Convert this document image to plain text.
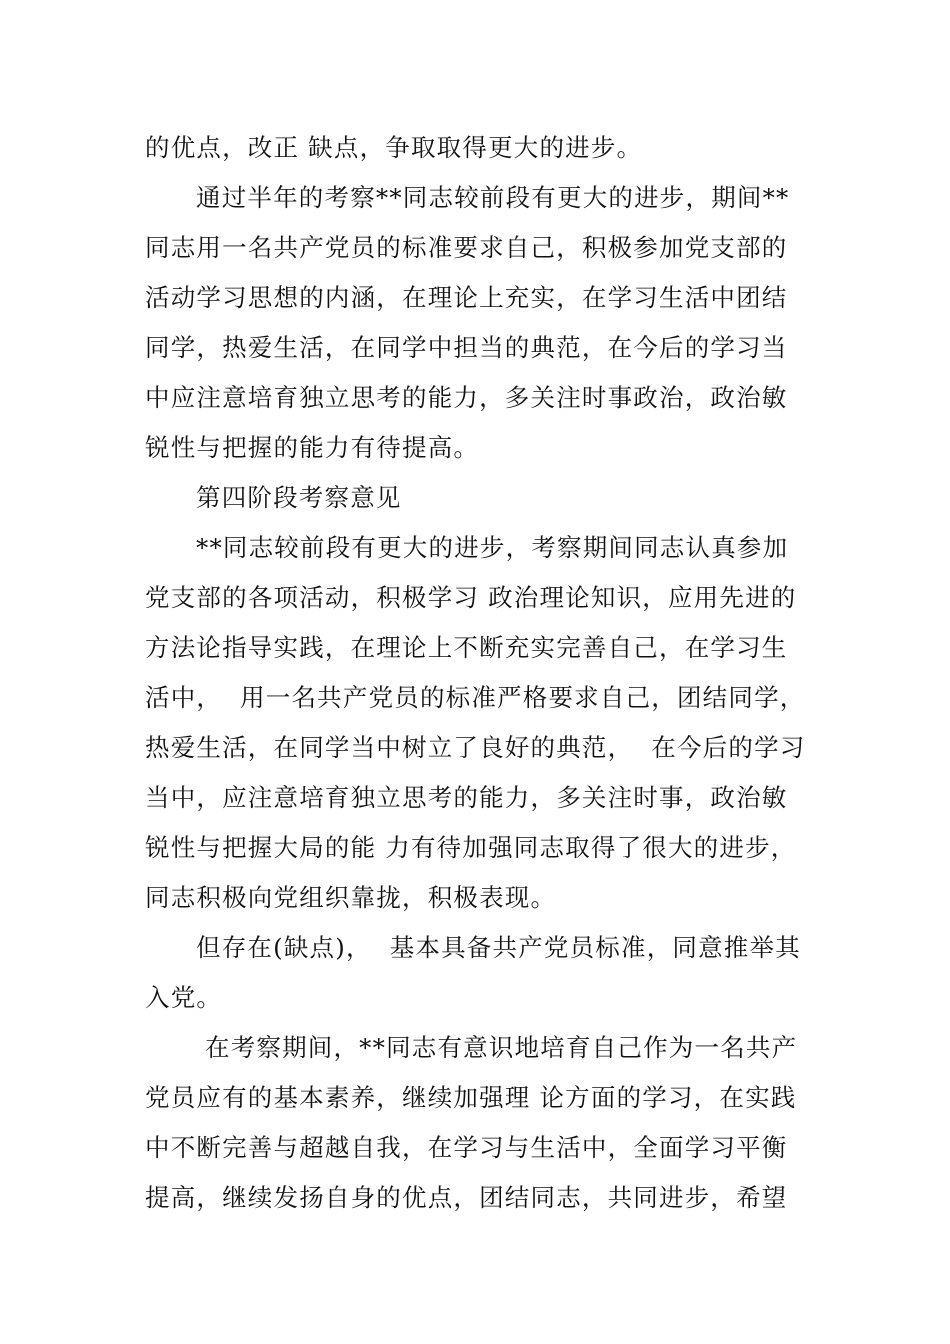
的优点，改正 缺点，争取取得更大的进步。
通过半年的考察**同志较前段有更大的进步，期间**
同志用一名共产党员的标准要求自己，积极参加党支部的
活动学习思想的内涵，在理论上充实，在学习生活中团结
同学，热爱生活，在同学中担当的典范，在今后的学习当
中应注意培育独立思考的能力，多关注时事政治，政治敏
锐性与把握的能力有待提高。
第四阶段考察意见
**同志较前段有更大的进步，考察期间同志认真参加
党支部的各项活动，积极学习 政治理论知识，应用先进的
方法论指导实践，在理论上不断充实完善自己，在学习生
活中，  用一名共产党员的标准严格要求自己，团结同学，
热爱生活，在同学当中树立了良好的典范，  在今后的学习
当中，应注意培育独立思考的能力，多关注时事，政治敏
锐性与把握大局的能 力有待加强同志取得了很大的进步，
同志积极向党组织靠拢，积极表现。
但存在(缺点)，  基本具备共产党员标准，同意推举其
入党。
在考察期间，**同志有意识地培育自己作为一名共产
党员应有的基本素养，继续加强理 论方面的学习，在实践
中不断完善与超越自我，在学习与生活中，全面学习平衡
提高，继续发扬自身的优点，团结同志，共同进步，希望
